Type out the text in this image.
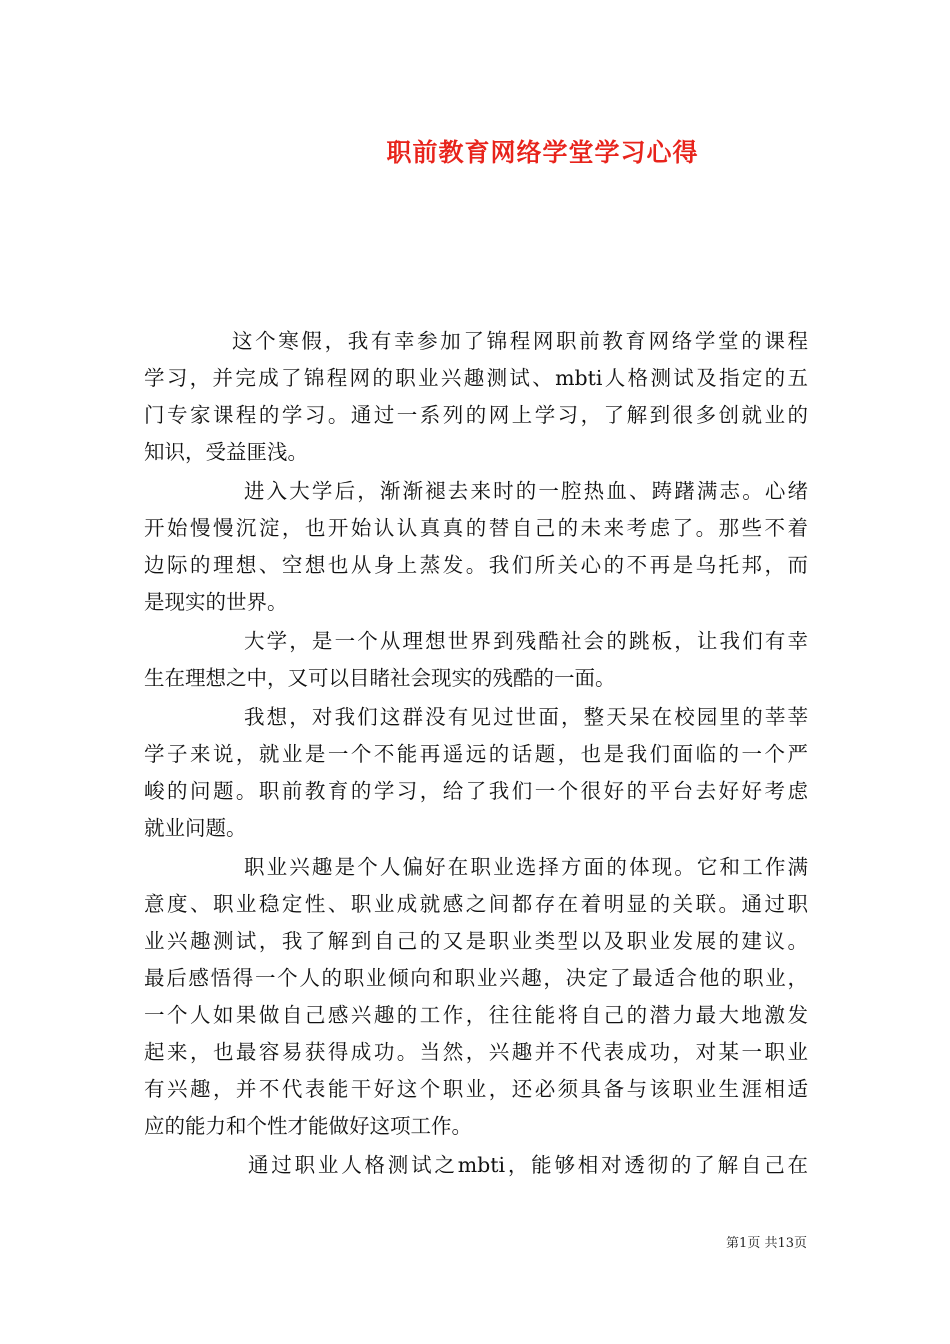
职前教育网络学堂学习心得
这个寒假，我有幸参加了锦程网职前教育网络学堂的课程
学习，并完成了锦程网的职业兴趣测试、mbti人格测试及指定的五
门专家课程的学习。通过一系列的网上学习，了解到很多创就业的
知识，受益匪浅。
进入大学后，渐渐褪去来时的一腔热血、踌躇满志。心绪
开始慢慢沉淀，也开始认认真真的替自己的未来考虑了。那些不着
边际的理想、空想也从身上蒸发。我们所关心的不再是乌托邦，而
是现实的世界。
大学，是一个从理想世界到残酷社会的跳板，让我们有幸
生在理想之中，又可以目睹社会现实的残酷的一面。
我想，对我们这群没有见过世面，整天呆在校园里的莘莘
学子来说，就业是一个不能再遥远的话题，也是我们面临的一个严
峻的问题。职前教育的学习，给了我们一个很好的平台去好好考虑
就业问题。
职业兴趣是个人偏好在职业选择方面的体现。它和工作满
意度、职业稳定性、职业成就感之间都存在着明显的关联。通过职
业兴趣测试，我了解到自己的又是职业类型以及职业发展的建议。
最后感悟得一个人的职业倾向和职业兴趣，决定了最适合他的职业，
一个人如果做自己感兴趣的工作，往往能将自己的潜力最大地激发
起来，也最容易获得成功。当然，兴趣并不代表成功，对某一职业
有兴趣，并不代表能干好这个职业，还必须具备与该职业生涯相适
应的能力和个性才能做好这项工作。
通过职业人格测试之mbti，能够相对透彻的了解自己在
第1页 共13页
